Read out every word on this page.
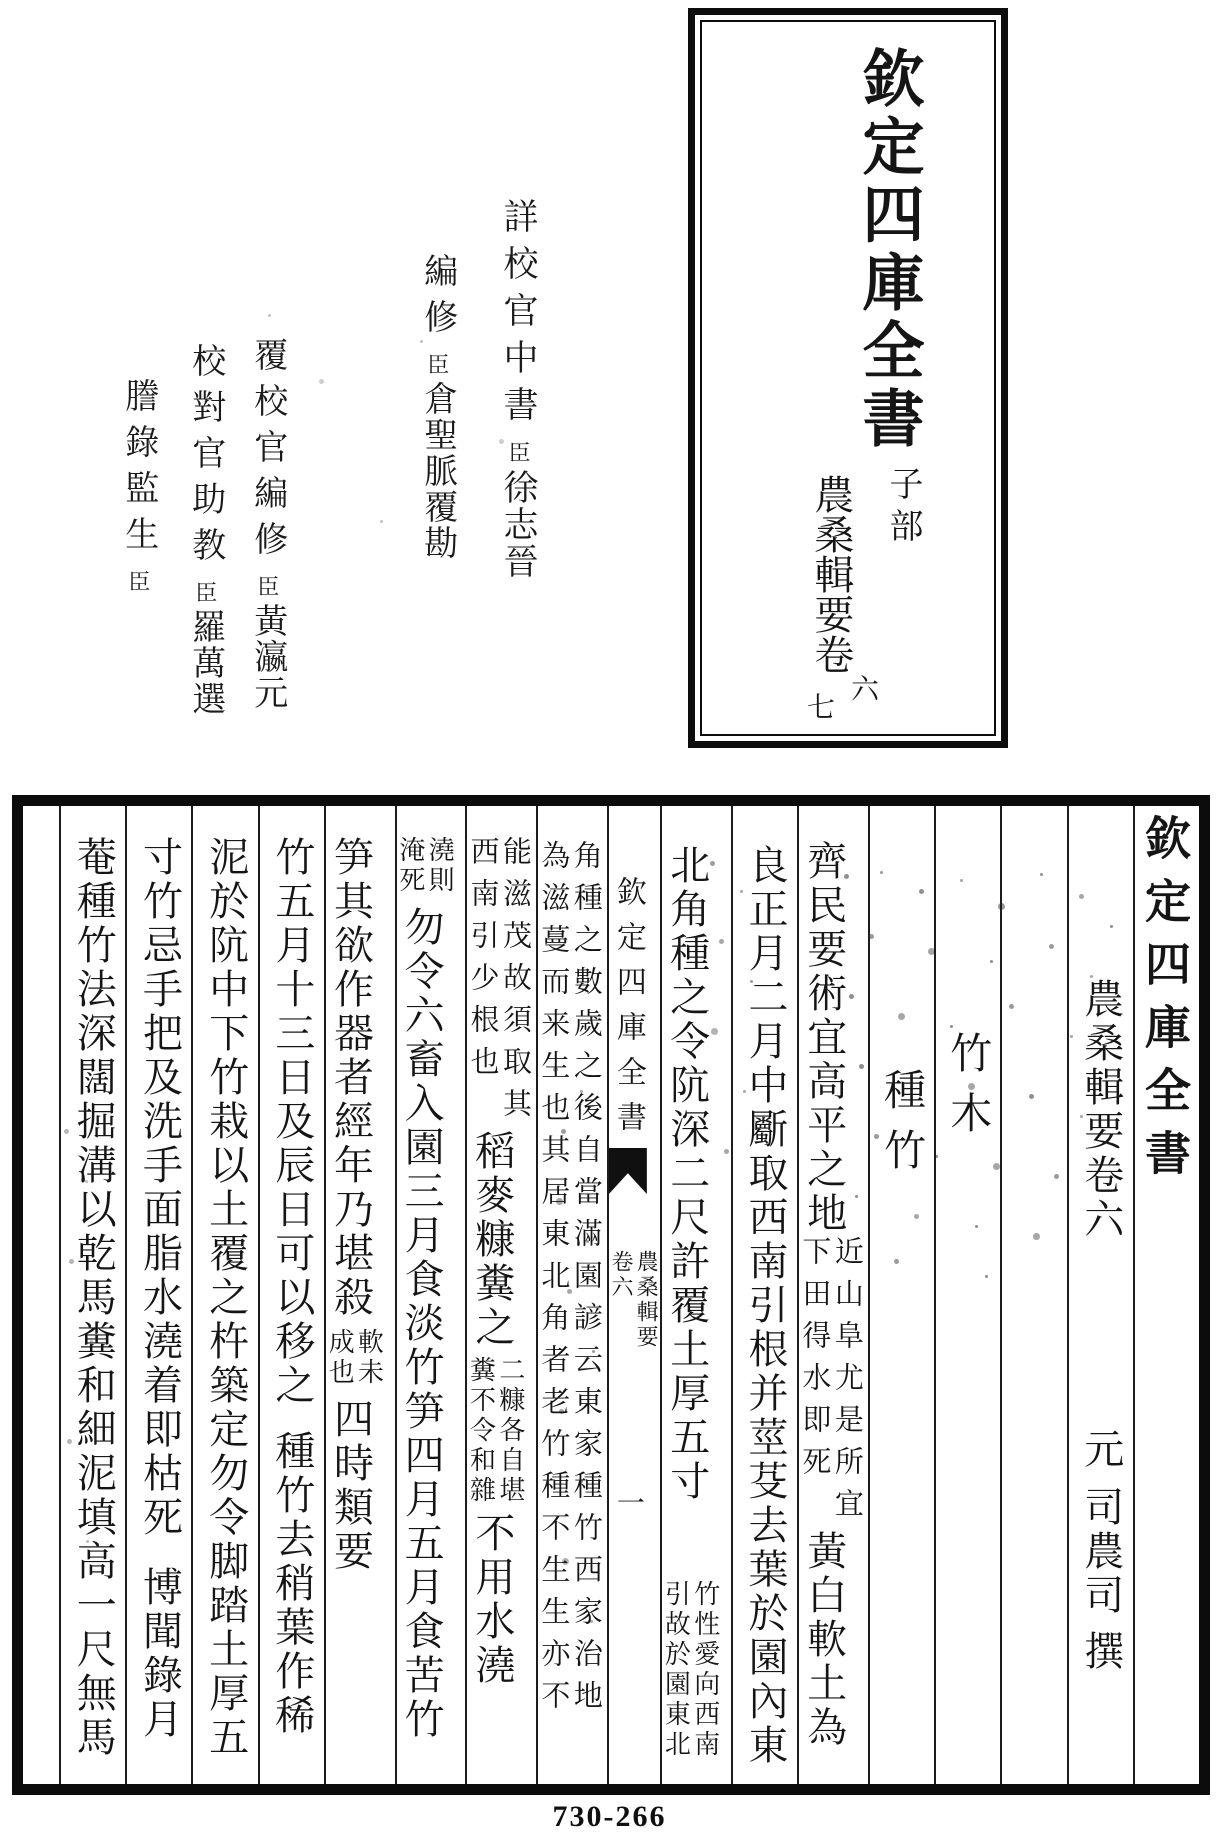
欽定四庫全書
子部
農桑輯要卷
六
七
詳校官中書臣徐志晉
編修臣倉聖脈覆勘
覆校官編修臣黃瀛元
校對官助教臣羅萬選
謄錄監生臣
欽定四庫全書
農桑輯要卷六元司農司撰
竹木
種竹
齊民要術宜高平之地
近山阜尤是所宜
下田得水即死
黃白軟土為
良正月二月中斸取西南引根并莖芟去葉於園內東
北角種之令阬深二尺許覆土厚五寸
竹性愛向西南
引故於園東北
欽定四庫全書
農桑輯要
卷六
一
角種之數歲之後自當滿園諺云東家種竹西家治地
為滋蔓而来生也其居東北角者老竹種不生生亦不
能滋茂故須取其
西南引少根也
稻麥糠糞之
二糠各自堪
糞不令和雜
不用水澆
澆則
淹死
勿令六畜入園三月食淡竹笋四月五月食苦竹
笋其欲作器者經年乃堪殺
軟未
成也
四時類要
竹五月十三日及辰日可以移之種竹去稍葉作稀
泥於阬中下竹栽以土覆之杵築定勿令脚踏土厚五
寸竹忌手把及洗手面脂水澆着即枯死博聞錄月
菴種竹法深闊掘溝以乾馬糞和細泥填高一尺無馬
730-266
